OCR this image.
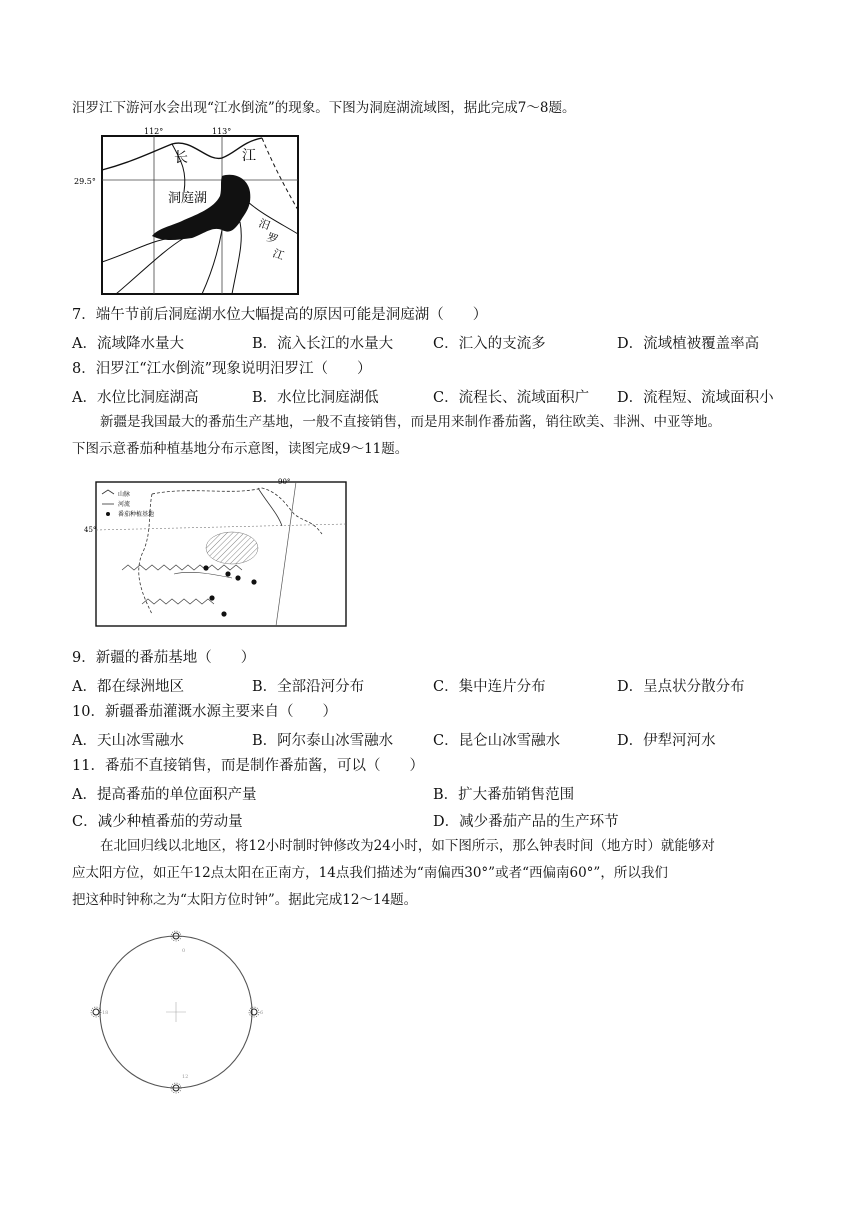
汨罗江下游河水会出现“江水倒流”的现象。下图为洞庭湖流域图，据此完成7～8题。
112°	113°
29.5°
长	江
洞庭湖
汨
罗
江
7．端午节前后洞庭湖水位大幅提高的原因可能是洞庭湖（　　）
A．流域降水量大	B．流入长江的水量大	C．汇入的支流多	D．流域植被覆盖率高
8．汨罗江“江水倒流”现象说明汨罗江（　　）
A．水位比洞庭湖高	B．水位比洞庭湖低	C．流程长、流域面积广 D．流程短、流域面积小
新疆是我国最大的番茄生产基地，一般不直接销售，而是用来制作番茄酱，销往欧美、非洲、中亚等地。
下图示意番茄种植基地分布示意图，读图完成9～11题。
90°
45°
山脉
河流
番茄种植基地
9．新疆的番茄基地（　　）
A．都在绿洲地区	B．全部沿河分布	C．集中连片分布	D．呈点状分散分布
10．新疆番茄灌溉水源主要来自（　　）
A．天山冰雪融水	B．阿尔泰山冰雪融水	C．昆仑山冰雪融水	D．伊犁河河水
11．番茄不直接销售，而是制作番茄酱，可以（　　）
A．提高番茄的单位面积产量	B．扩大番茄销售范围
C．减少种植番茄的劳动量	D．减少番茄产品的生产环节
在北回归线以北地区，将12小时制时钟修改为24小时，如下图所示，那么钟表时间（地方时）就能够对
应太阳方位，如正午12点太阳在正南方，14点我们描述为“南偏西30°”或者“西偏南60°”，所以我们
把这种时钟称之为“太阳方位时钟”。据此完成12～14题。
0
6
12
18
